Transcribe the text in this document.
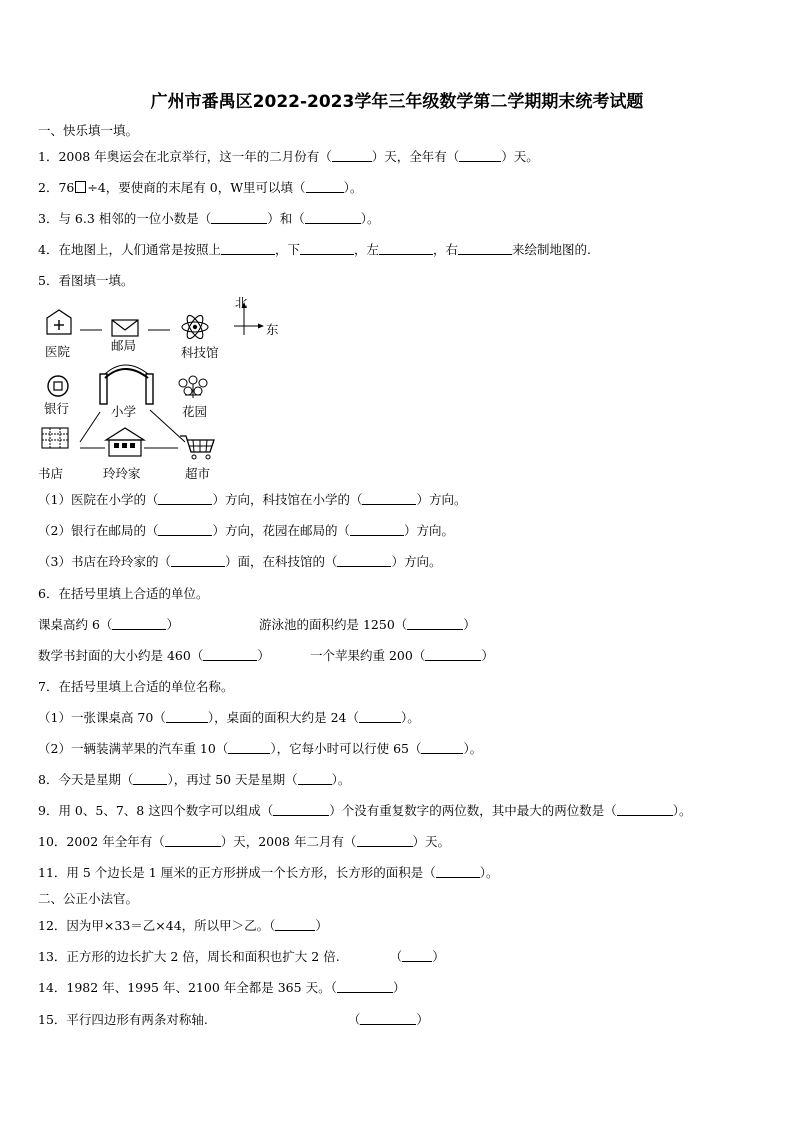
广州市番禺区2022-2023学年三年级数学第二学期期末统考试题
一、快乐填一填。
1．2008 年奥运会在北京举行，这一年的二月份有（	）天，全年有（	）天。
2．76 ÷4，要使商的末尾有 0，W里可以填（	）。
3．与 6.3 相邻的一位小数是（	）和（	）。
4．在地图上，人们通常是按照上	，下	，左	，右	来绘制地图的.
5．看图填一填。
北
东
医院	邮局	科技馆
银行	小学	花园
书店	玲玲家	超市
（1）医院在小学的（	）方向，科技馆在小学的（	）方向。
（2）银行在邮局的（	）方向，花园在邮局的（	）方向。
（3）书店在玲玲家的（	）面，在科技馆的（	）方向。
6．在括号里填上合适的单位。
课桌高约 6（	）	游泳池的面积约是 1250（	）
数学书封面的大小约是 460（	）	一个苹果约重 200（	）
7．在括号里填上合适的单位名称。
（1）一张课桌高 70（	），桌面的面积大约是 24（	）。
（2）一辆装满苹果的汽车重 10（	），它每小时可以行使 65（	）。
8．今天是星期（	），再过 50 天是星期（	）。
9．用 0、5、7、8 这四个数字可以组成（	）个没有重复数字的两位数，其中最大的两位数是（	）。
10．2002 年全年有（	）天，2008 年二月有（	）天。
11．用 5 个边长是 1 厘米的正方形拼成一个长方形，长方形的面积是（	）。
二、公正小法官。
12．因为甲×33＝乙×44，所以甲＞乙。（	）
13．正方形的边长扩大 2 倍，周长和面积也扩大 2 倍.	（ ）
14．1982 年、1995 年、2100 年全都是 365 天。（	）
15．平行四边形有两条对称轴.	（	）
